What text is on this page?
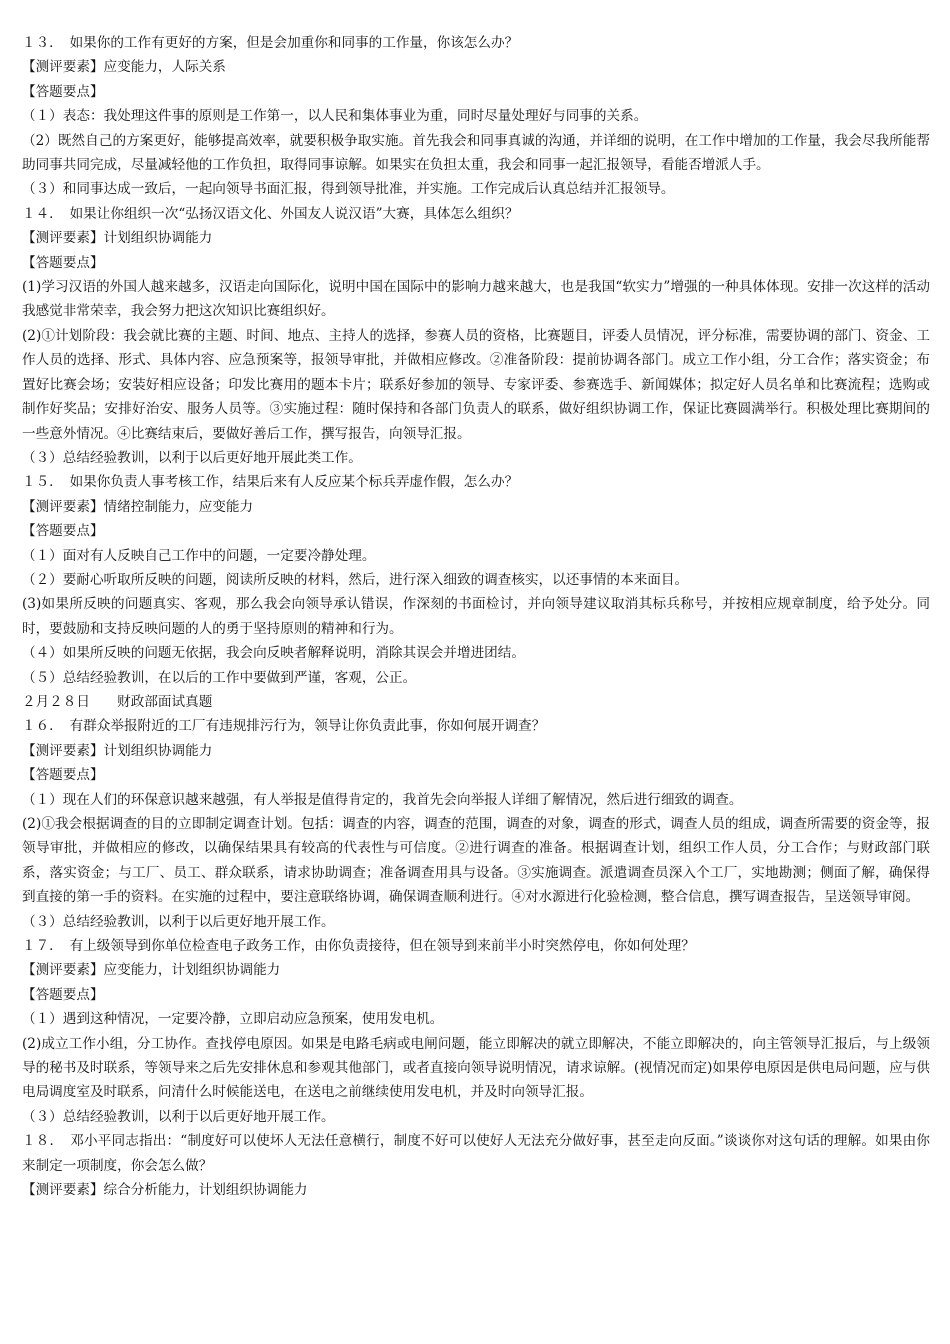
１３．　如果你的工作有更好的方案，但是会加重你和同事的工作量，你该怎么办？

【测评要素】应变能力，人际关系

【答题要点】

（１）表态：我处理这件事的原则是工作第一，以人民和集体事业为重，同时尽量处理好与同事的关系。

（2）既然自己的方案更好，能够提高效率，就要积极争取实施。首先我会和同事真诚的沟通，并详细的说明，在工作中增加的工作量，我会尽我所能帮助同事共同完成，尽量减轻他的工作负担，取得同事谅解。如果实在负担太重，我会和同事一起汇报领导，看能否增派人手。

（３）和同事达成一致后，一起向领导书面汇报，得到领导批准，并实施。工作完成后认真总结并汇报领导。

１４．　如果让你组织一次“弘扬汉语文化、外国友人说汉语”大赛，具体怎么组织？

【测评要素】计划组织协调能力

【答题要点】

(1)学习汉语的外国人越来越多，汉语走向国际化，说明中国在国际中的影响力越来越大，也是我国“软实力”增强的一种具体体现。安排一次这样的活动我感觉非常荣幸，我会努力把这次知识比赛组织好。

(2)①计划阶段：我会就比赛的主题、时间、地点、主持人的选择，参赛人员的资格，比赛题目，评委人员情况，评分标准，需要协调的部门、资金、工作人员的选择、形式、具体内容、应急预案等，报领导审批，并做相应修改。②准备阶段：提前协调各部门。成立工作小组，分工合作；落实资金；布置好比赛会场；安装好相应设备；印发比赛用的题本卡片；联系好参加的领导、专家评委、参赛选手、新闻媒体；拟定好人员名单和比赛流程；选购或制作好奖品；安排好治安、服务人员等。③实施过程：随时保持和各部门负责人的联系，做好组织协调工作，保证比赛圆满举行。积极处理比赛期间的一些意外情况。④比赛结束后，要做好善后工作，撰写报告，向领导汇报。

（３）总结经验教训，以利于以后更好地开展此类工作。

１５．　如果你负责人事考核工作，结果后来有人反应某个标兵弄虚作假，怎么办？

【测评要素】情绪控制能力，应变能力

【答题要点】

（１）面对有人反映自己工作中的问题，一定要冷静处理。

（２）要耐心听取所反映的问题，阅读所反映的材料，然后，进行深入细致的调查核实，以还事情的本来面目。

(3)如果所反映的问题真实、客观，那么我会向领导承认错误，作深刻的书面检讨，并向领导建议取消其标兵称号，并按相应规章制度，给予处分。同时，要鼓励和支持反映问题的人的勇于坚持原则的精神和行为。

（４）如果所反映的问题无依据，我会向反映者解释说明，消除其误会并增进团结。

（５）总结经验教训，在以后的工作中要做到严谨，客观，公正。

２月２８日　　财政部面试真题

１６．　有群众举报附近的工厂有违规排污行为，领导让你负责此事，你如何展开调查？

【测评要素】计划组织协调能力

【答题要点】

（１）现在人们的环保意识越来越强，有人举报是值得肯定的，我首先会向举报人详细了解情况，然后进行细致的调查。

(2)①我会根据调查的目的立即制定调查计划。包括：调查的内容，调查的范围，调查的对象，调查的形式，调查人员的组成，调查所需要的资金等，报领导审批，并做相应的修改，以确保结果具有较高的代表性与可信度。②进行调查的准备。根据调查计划，组织工作人员，分工合作；与财政部门联系，落实资金；与工厂、员工、群众联系，请求协助调查；准备调查用具与设备。③实施调查。派遣调查员深入个工厂，实地勘测；侧面了解，确保得到直接的第一手的资料。在实施的过程中，要注意联络协调，确保调查顺利进行。④对水源进行化验检测，整合信息，撰写调查报告，呈送领导审阅。

（３）总结经验教训，以利于以后更好地开展工作。

１７．　有上级领导到你单位检查电子政务工作，由你负责接待，但在领导到来前半小时突然停电，你如何处理？

【测评要素】应变能力，计划组织协调能力

【答题要点】

（１）遇到这种情况，一定要冷静，立即启动应急预案，使用发电机。

(2)成立工作小组，分工协作。查找停电原因。如果是电路毛病或电闸问题，能立即解决的就立即解决，不能立即解决的，向主管领导汇报后，与上级领导的秘书及时联系，等领导来之后先安排休息和参观其他部门，或者直接向领导说明情况，请求谅解。(视情况而定)如果停电原因是供电局问题，应与供电局调度室及时联系，问清什么时候能送电，在送电之前继续使用发电机，并及时向领导汇报。

（３）总结经验教训，以利于以后更好地开展工作。

１８．　邓小平同志指出：“制度好可以使坏人无法任意横行，制度不好可以使好人无法充分做好事，甚至走向反面。”谈谈你对这句话的理解。如果由你来制定一项制度，你会怎么做？

【测评要素】综合分析能力，计划组织协调能力
